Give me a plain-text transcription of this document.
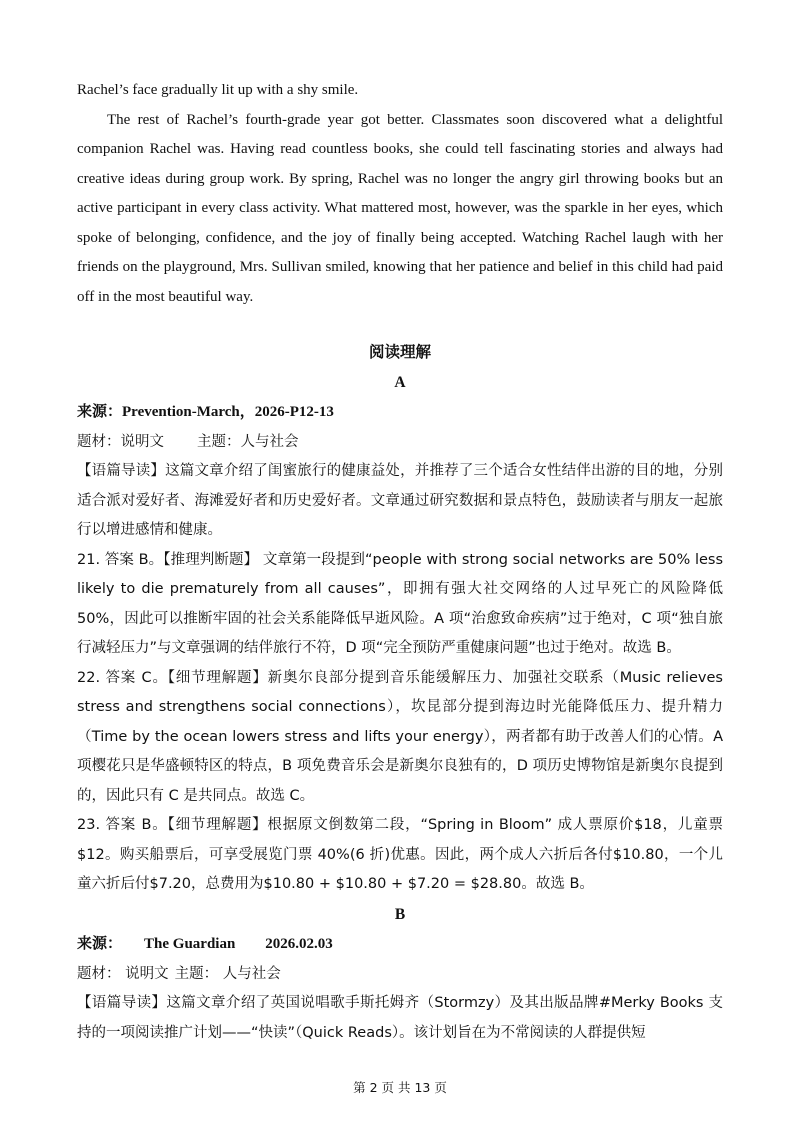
Rachel’s face gradually lit up with a shy smile.

The rest of Rachel’s fourth-grade year got better. Classmates soon discovered what a delightful companion Rachel was. Having read countless books, she could tell fascinating stories and always had creative ideas during group work. By spring, Rachel was no longer the angry girl throwing books but an active participant in every class activity. What mattered most, however, was the sparkle in her eyes, which spoke of belonging, confidence, and the joy of finally being accepted. Watching Rachel laugh with her friends on the playground, Mrs. Sullivan smiled, knowing that her patience and belief in this child had paid off in the most beautiful way.

阅读理解

A

来源：Prevention-March，2026-P12-13

题材：说明文 主题：人与社会

【语篇导读】这篇文章介绍了闺蜜旅行的健康益处，并推荐了三个适合女性结伴出游的目的地，分别适合派对爱好者、海滩爱好者和历史爱好者。文章通过研究数据和景点特色，鼓励读者与朋友一起旅行以增进感情和健康。

21. 答案 B。【推理判断题】 文章第一段提到“people with strong social networks are 50% less likely to die prematurely from all causes”，即拥有强大社交网络的人过早死亡的风险降低 50%，因此可以推断牢固的社会关系能降低早逝风险。A 项“治愈致命疾病”过于绝对，C 项“独自旅行减轻压力”与文章强调的结伴旅行不符，D 项“完全预防严重健康问题”也过于绝对。故选 B。

22. 答案 C。【细节理解题】新奥尔良部分提到音乐能缓解压力、加强社交联系（Music relieves stress and strengthens social connections），坎昆部分提到海边时光能降低压力、提升精力（Time by the ocean lowers stress and lifts your energy），两者都有助于改善人们的心情。A 项樱花只是华盛顿特区的特点，B 项免费音乐会是新奥尔良独有的，D 项历史博物馆是新奥尔良提到的，因此只有 C 是共同点。故选 C。

23. 答案 B。【细节理解题】根据原文倒数第二段，“Spring in Bloom” 成人票原价$18，儿童票$12。购买船票后，可享受展览门票 40%(6 折)优惠。因此，两个成人六折后各付$10.80，一个儿童六折后付$7.20，总费用为$10.80 + $10.80 + $7.20 = $28.80。故选 B。

B

来源： The Guardian 2026.02.03

题材： 说明文 主题： 人与社会

【语篇导读】这篇文章介绍了英国说唱歌手斯托姆齐（Stormzy）及其出版品牌#Merky Books 支持的一项阅读推广计划——“快读”（Quick Reads）。该计划旨在为不常阅读的人群提供短

第 2 页 共 13 页
